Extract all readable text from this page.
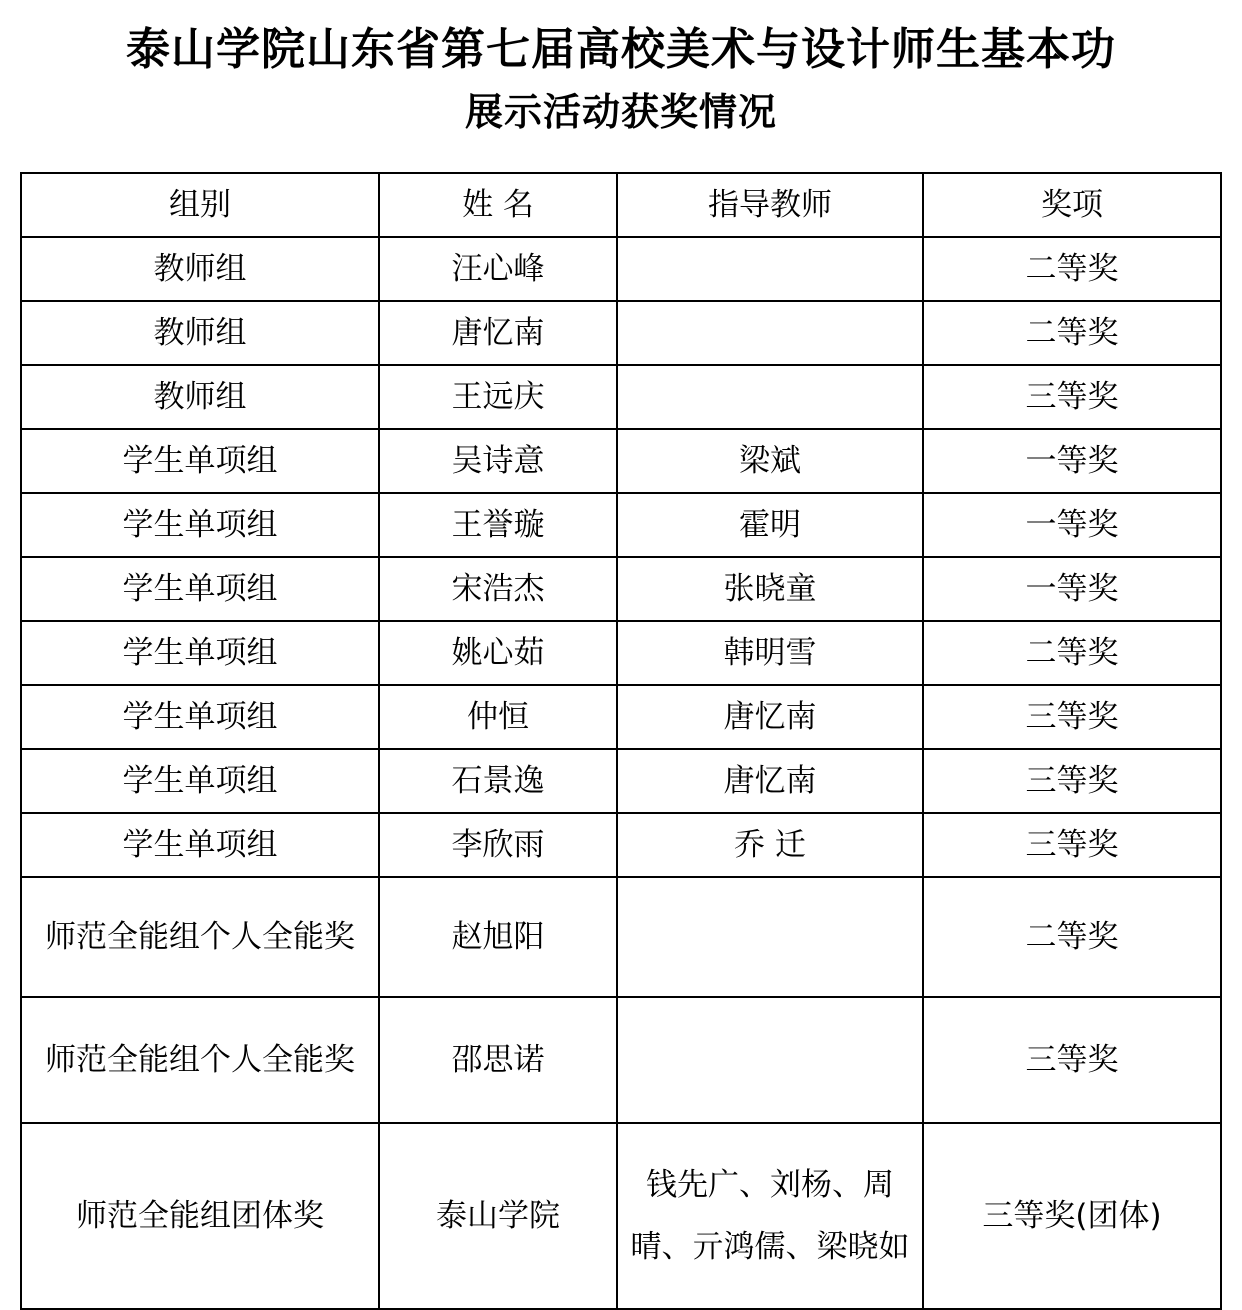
泰山学院山东省第七届高校美术与设计师生基本功
展示活动获奖情况
组别	姓 名	指导教师	奖项
教师组	汪心峰		二等奖
教师组	唐忆南		二等奖
教师组	王远庆		三等奖
学生单项组	吴诗意	梁斌	一等奖
学生单项组	王誉璇	霍明	一等奖
学生单项组	宋浩杰	张晓童	一等奖
学生单项组	姚心茹	韩明雪	二等奖
学生单项组	仲恒	唐忆南	三等奖
学生单项组	石景逸	唐忆南	三等奖
学生单项组	李欣雨	乔 迁	三等奖
师范全能组个人全能奖	赵旭阳		二等奖
师范全能组个人全能奖	邵思诺		三等奖
师范全能组团体奖	泰山学院	钱先广、刘杨、周晴、亓鸿儒、梁晓如	三等奖(团体)
